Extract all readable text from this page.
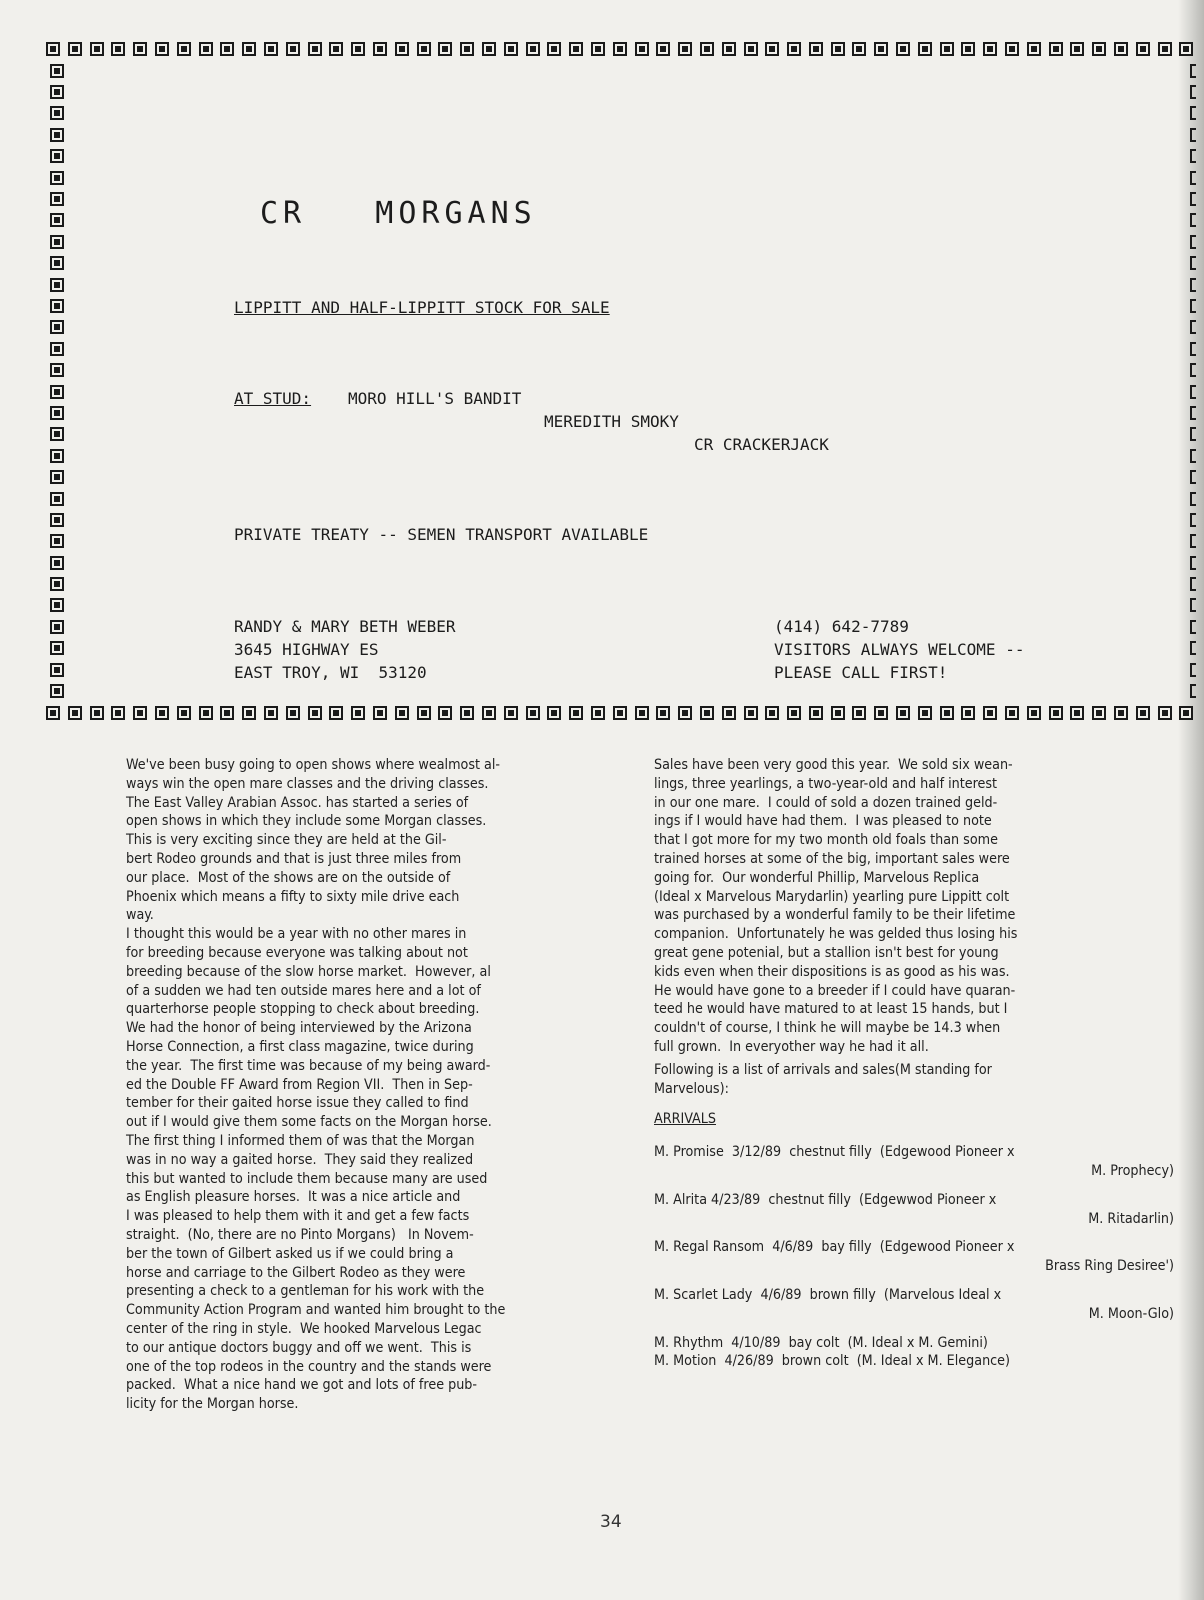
CR   MORGANS
LIPPITT AND HALF-LIPPITT STOCK FOR SALE
AT STUD: MORO HILL'S BANDIT
MEREDITH SMOKY
CR CRACKERJACK
PRIVATE TREATY -- SEMEN TRANSPORT AVAILABLE
RANDY & MARY BETH WEBER
3645 HIGHWAY ES
EAST TROY, WI  53120
(414) 642-7789
VISITORS ALWAYS WELCOME --
PLEASE CALL FIRST!

We've been busy going to open shows where wealmost al-

ways win the open mare classes and the driving classes.

The East Valley Arabian Assoc. has started a series of

open shows in which they include some Morgan classes.

This is very exciting since they are held at the Gil-

bert Rodeo grounds and that is just three miles from

our place.  Most of the shows are on the outside of

Phoenix which means a fifty to sixty mile drive each

way.

I thought this would be a year with no other mares in

for breeding because everyone was talking about not

breeding because of the slow horse market.  However, al

of a sudden we had ten outside mares here and a lot of

quarterhorse people stopping to check about breeding.

We had the honor of being interviewed by the Arizona

Horse Connection, a first class magazine, twice during

the year.  The first time was because of my being award-

ed the Double FF Award from Region VII.  Then in Sep-

tember for their gaited horse issue they called to find

out if I would give them some facts on the Morgan horse.

The first thing I informed them of was that the Morgan

was in no way a gaited horse.  They said they realized

this but wanted to include them because many are used

as English pleasure horses.  It was a nice article and

I was pleased to help them with it and get a few facts

straight.  (No, there are no Pinto Morgans)   In Novem-

ber the town of Gilbert asked us if we could bring a

horse and carriage to the Gilbert Rodeo as they were

presenting a check to a gentleman for his work with the

Community Action Program and wanted him brought to the

center of the ring in style.  We hooked Marvelous Legac

to our antique doctors buggy and off we went.  This is

one of the top rodeos in the country and the stands were

packed.  What a nice hand we got and lots of free pub-

licity for the Morgan horse.

Sales have been very good this year.  We sold six wean-

lings, three yearlings, a two-year-old and half interest

in our one mare.  I could of sold a dozen trained geld-

ings if I would have had them.  I was pleased to note

that I got more for my two month old foals than some

trained horses at some of the big, important sales were

going for.  Our wonderful Phillip, Marvelous Replica

(Ideal x Marvelous Marydarlin) yearling pure Lippitt colt

was purchased by a wonderful family to be their lifetime

companion.  Unfortunately he was gelded thus losing his

great gene potenial, but a stallion isn't best for young

kids even when their dispositions is as good as his was.

He would have gone to a breeder if I could have quaran-

teed he would have matured to at least 15 hands, but I

couldn't of course, I think he will maybe be 14.3 when

full grown.  In everyother way he had it all.

Following is a list of arrivals and sales(M standing for

Marvelous):

ARRIVALS

M. Promise  3/12/89  chestnut filly  (Edgewood Pioneer x

M. Prophecy)

M. Alrita 4/23/89  chestnut filly  (Edgewwod Pioneer x

M. Ritadarlin)

M. Regal Ransom  4/6/89  bay filly  (Edgewood Pioneer x

Brass Ring Desiree')

M. Scarlet Lady  4/6/89  brown filly  (Marvelous Ideal x

M. Moon-Glo)

M. Rhythm  4/10/89  bay colt  (M. Ideal x M. Gemini)

M. Motion  4/26/89  brown colt  (M. Ideal x M. Elegance)

34
